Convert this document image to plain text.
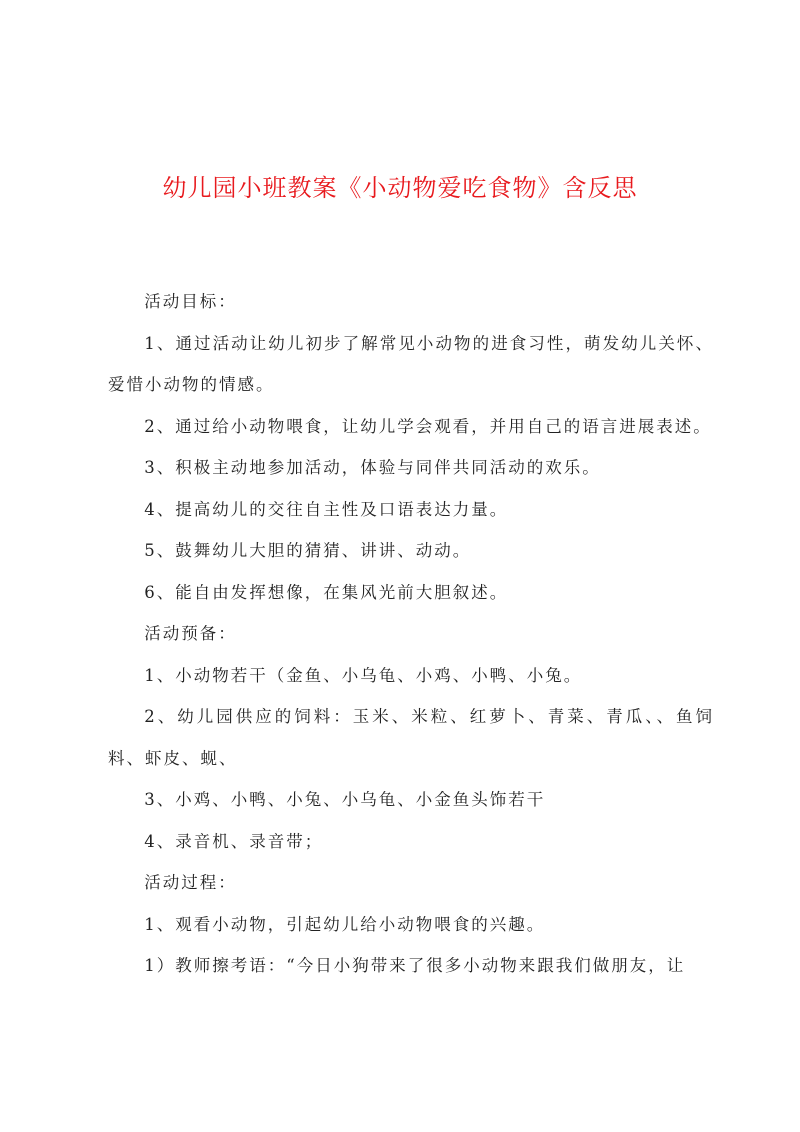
幼儿园小班教案《小动物爱吃食物》含反思

活动目标：

1、通过活动让幼儿初步了解常见小动物的进食习性，萌发幼儿关怀、爱惜小动物的情感。

2、通过给小动物喂食，让幼儿学会观看，并用自己的语言进展表述。

3、积极主动地参加活动，体验与同伴共同活动的欢乐。

4、提高幼儿的交往自主性及口语表达力量。

5、鼓舞幼儿大胆的猜猜、讲讲、动动。

6、能自由发挥想像，在集风光前大胆叙述。

活动预备：

1、小动物若干（金鱼、小乌龟、小鸡、小鸭、小兔。

2、幼儿园供应的饲料：玉米、米粒、红萝卜、青菜、青瓜、、鱼饲料、虾皮、蚬、

3、小鸡、小鸭、小兔、小乌龟、小金鱼头饰若干

4、录音机、录音带；

活动过程：

1、观看小动物，引起幼儿给小动物喂食的兴趣。

1）教师擦考语：“今日小狗带来了很多小动物来跟我们做朋友，让
